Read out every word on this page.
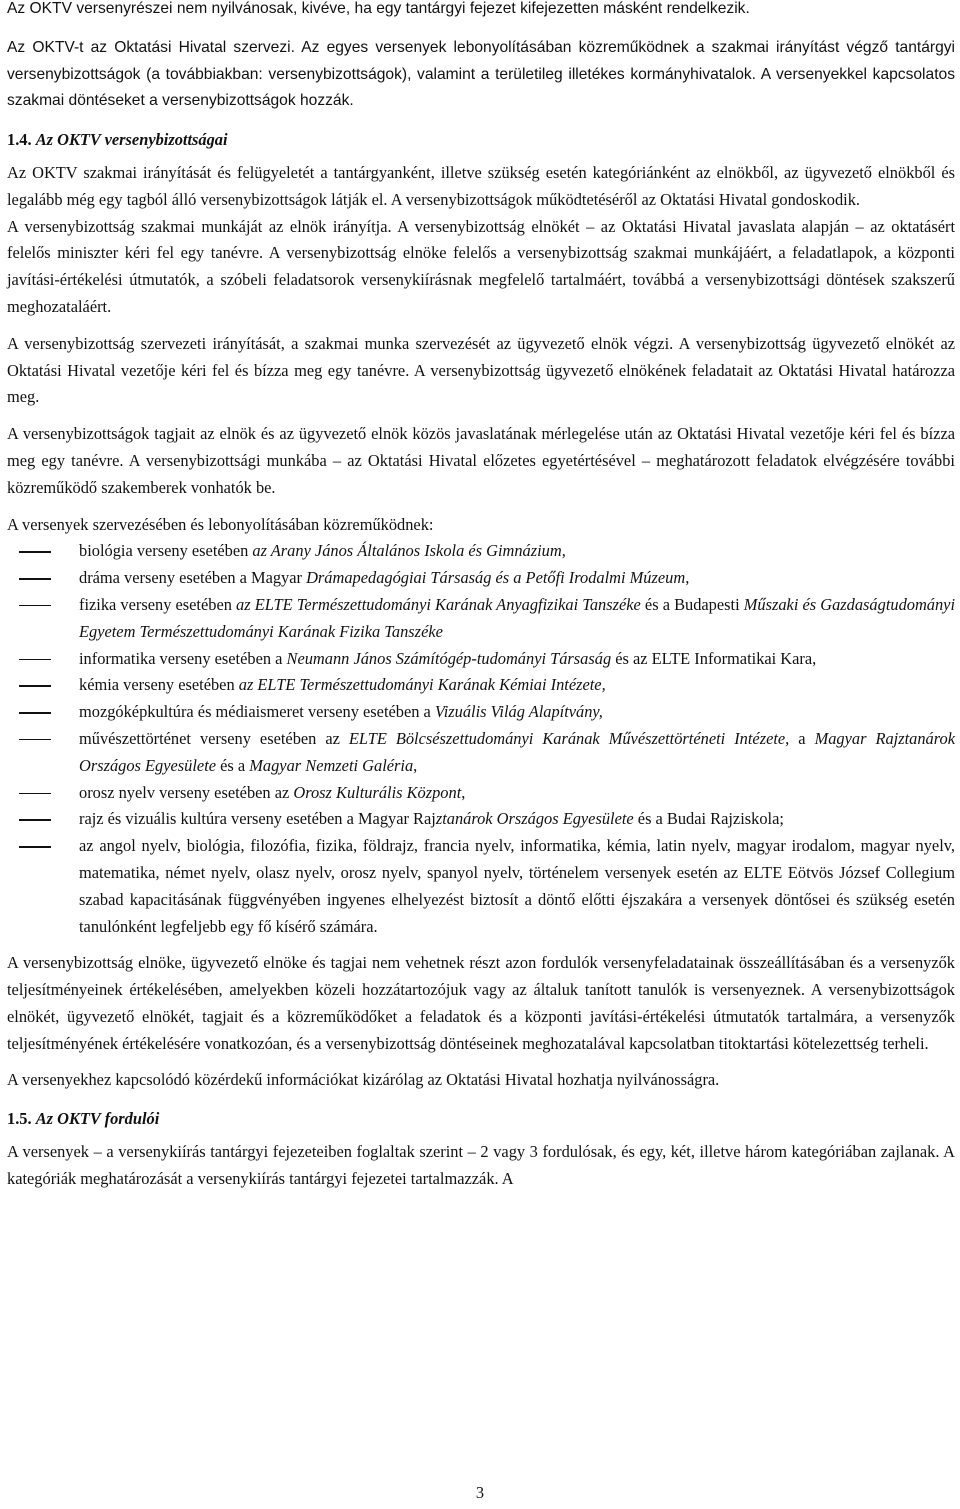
Az OKTV versenyrészei nem nyilvánosak, kivéve, ha egy tantárgyi fejezet kifejezetten másként rendelkezik.

Az OKTV-t az Oktatási Hivatal szervezi. Az egyes versenyek lebonyolításában közreműködnek a szakmai irányítást végző tantárgyi versenybizottságok (a továbbiakban: versenybizottságok), valamint a területileg illetékes kormányhivatalok. A versenyekkel kapcsolatos szakmai döntéseket a versenybizottságok hozzák.

1.4. Az OKTV versenybizottságai

Az OKTV szakmai irányítását és felügyeletét a tantárgyanként, illetve szükség esetén kategóriánként az elnökből, az ügyvezető elnökből és legalább még egy tagból álló versenybizottságok látják el. A versenybizottságok működtetéséről az Oktatási Hivatal gondoskodik.

A versenybizottság szakmai munkáját az elnök irányítja. A versenybizottság elnökét – az Oktatási Hivatal javaslata alapján – az oktatásért felelős miniszter kéri fel egy tanévre. A versenybizottság elnöke felelős a versenybizottság szakmai munkájáért, a feladatlapok, a központi javítási-értékelési útmutatók, a szóbeli feladatsorok versenykiírásnak megfelelő tartalmáért, továbbá a versenybizottsági döntések szakszerű meghozataláért.

A versenybizottság szervezeti irányítását, a szakmai munka szervezését az ügyvezető elnök végzi. A versenybizottság ügyvezető elnökét az Oktatási Hivatal vezetője kéri fel és bízza meg egy tanévre. A versenybizottság ügyvezető elnökének feladatait az Oktatási Hivatal határozza meg.

A versenybizottságok tagjait az elnök és az ügyvezető elnök közös javaslatának mérlegelése után az Oktatási Hivatal vezetője kéri fel és bízza meg egy tanévre. A versenybizottsági munkába – az Oktatási Hivatal előzetes egyetértésével – meghatározott feladatok elvégzésére további közreműködő szakemberek vonhatók be.

A versenyek szervezésében és lebonyolításában közreműködnek:

biológia verseny esetében az Arany János Általános Iskola és Gimnázium,
dráma verseny esetében a Magyar Drámapedagógiai Társaság és a Petőfi Irodalmi Múzeum,
fizika verseny esetében az ELTE Természettudományi Karának Anyagfizikai Tanszéke és a Budapesti Műszaki és Gazdaságtudományi Egyetem Természettudományi Karának Fizika Tanszéke
informatika verseny esetében a Neumann János Számítógép-tudományi Társaság és az ELTE Informatikai Kara,
kémia verseny esetében az ELTE Természettudományi Karának Kémiai Intézete,
mozgóképkultúra és médiaismeret verseny esetében a Vizuális Világ Alapítvány,
művészettörténet verseny esetében az ELTE Bölcsészettudományi Karának Művészettörténeti Intézete, a Magyar Rajztanárok Országos Egyesülete és a Magyar Nemzeti Galéria,
orosz nyelv verseny esetében az Orosz Kulturális Központ,
rajz és vizuális kultúra verseny esetében a Magyar Rajztanárok Országos Egyesülete és a Budai Rajziskola;
az angol nyelv, biológia, filozófia, fizika, földrajz, francia nyelv, informatika, kémia, latin nyelv, magyar irodalom, magyar nyelv, matematika, német nyelv, olasz nyelv, orosz nyelv, spanyol nyelv, történelem versenyek esetén az ELTE Eötvös József Collegium szabad kapacitásának függvényében ingyenes elhelyezést biztosít a döntő előtti éjszakára a versenyek döntősei és szükség esetén tanulónként legfeljebb egy fő kísérő számára.

A versenybizottság elnöke, ügyvezető elnöke és tagjai nem vehetnek részt azon fordulók versenyfeladatainak összeállításában és a versenyzők teljesítményeinek értékelésében, amelyekben közeli hozzátartozójuk vagy az általuk tanított tanulók is versenyeznek. A versenybizottságok elnökét, ügyvezető elnökét, tagjait és a közreműködőket a feladatok és a központi javítási-értékelési útmutatók tartalmára, a versenyzők teljesítményének értékelésére vonatkozóan, és a versenybizottság döntéseinek meghozatalával kapcsolatban titoktartási kötelezettség terheli.

A versenyekhez kapcsolódó közérdekű információkat kizárólag az Oktatási Hivatal hozhatja nyilvánosságra.

1.5. Az OKTV fordulói

A versenyek – a versenykiírás tantárgyi fejezeteiben foglaltak szerint – 2 vagy 3 fordulósak, és egy, két, illetve három kategóriában zajlanak. A kategóriák meghatározását a versenykiírás tantárgyi fejezetei tartalmazzák. A

3
